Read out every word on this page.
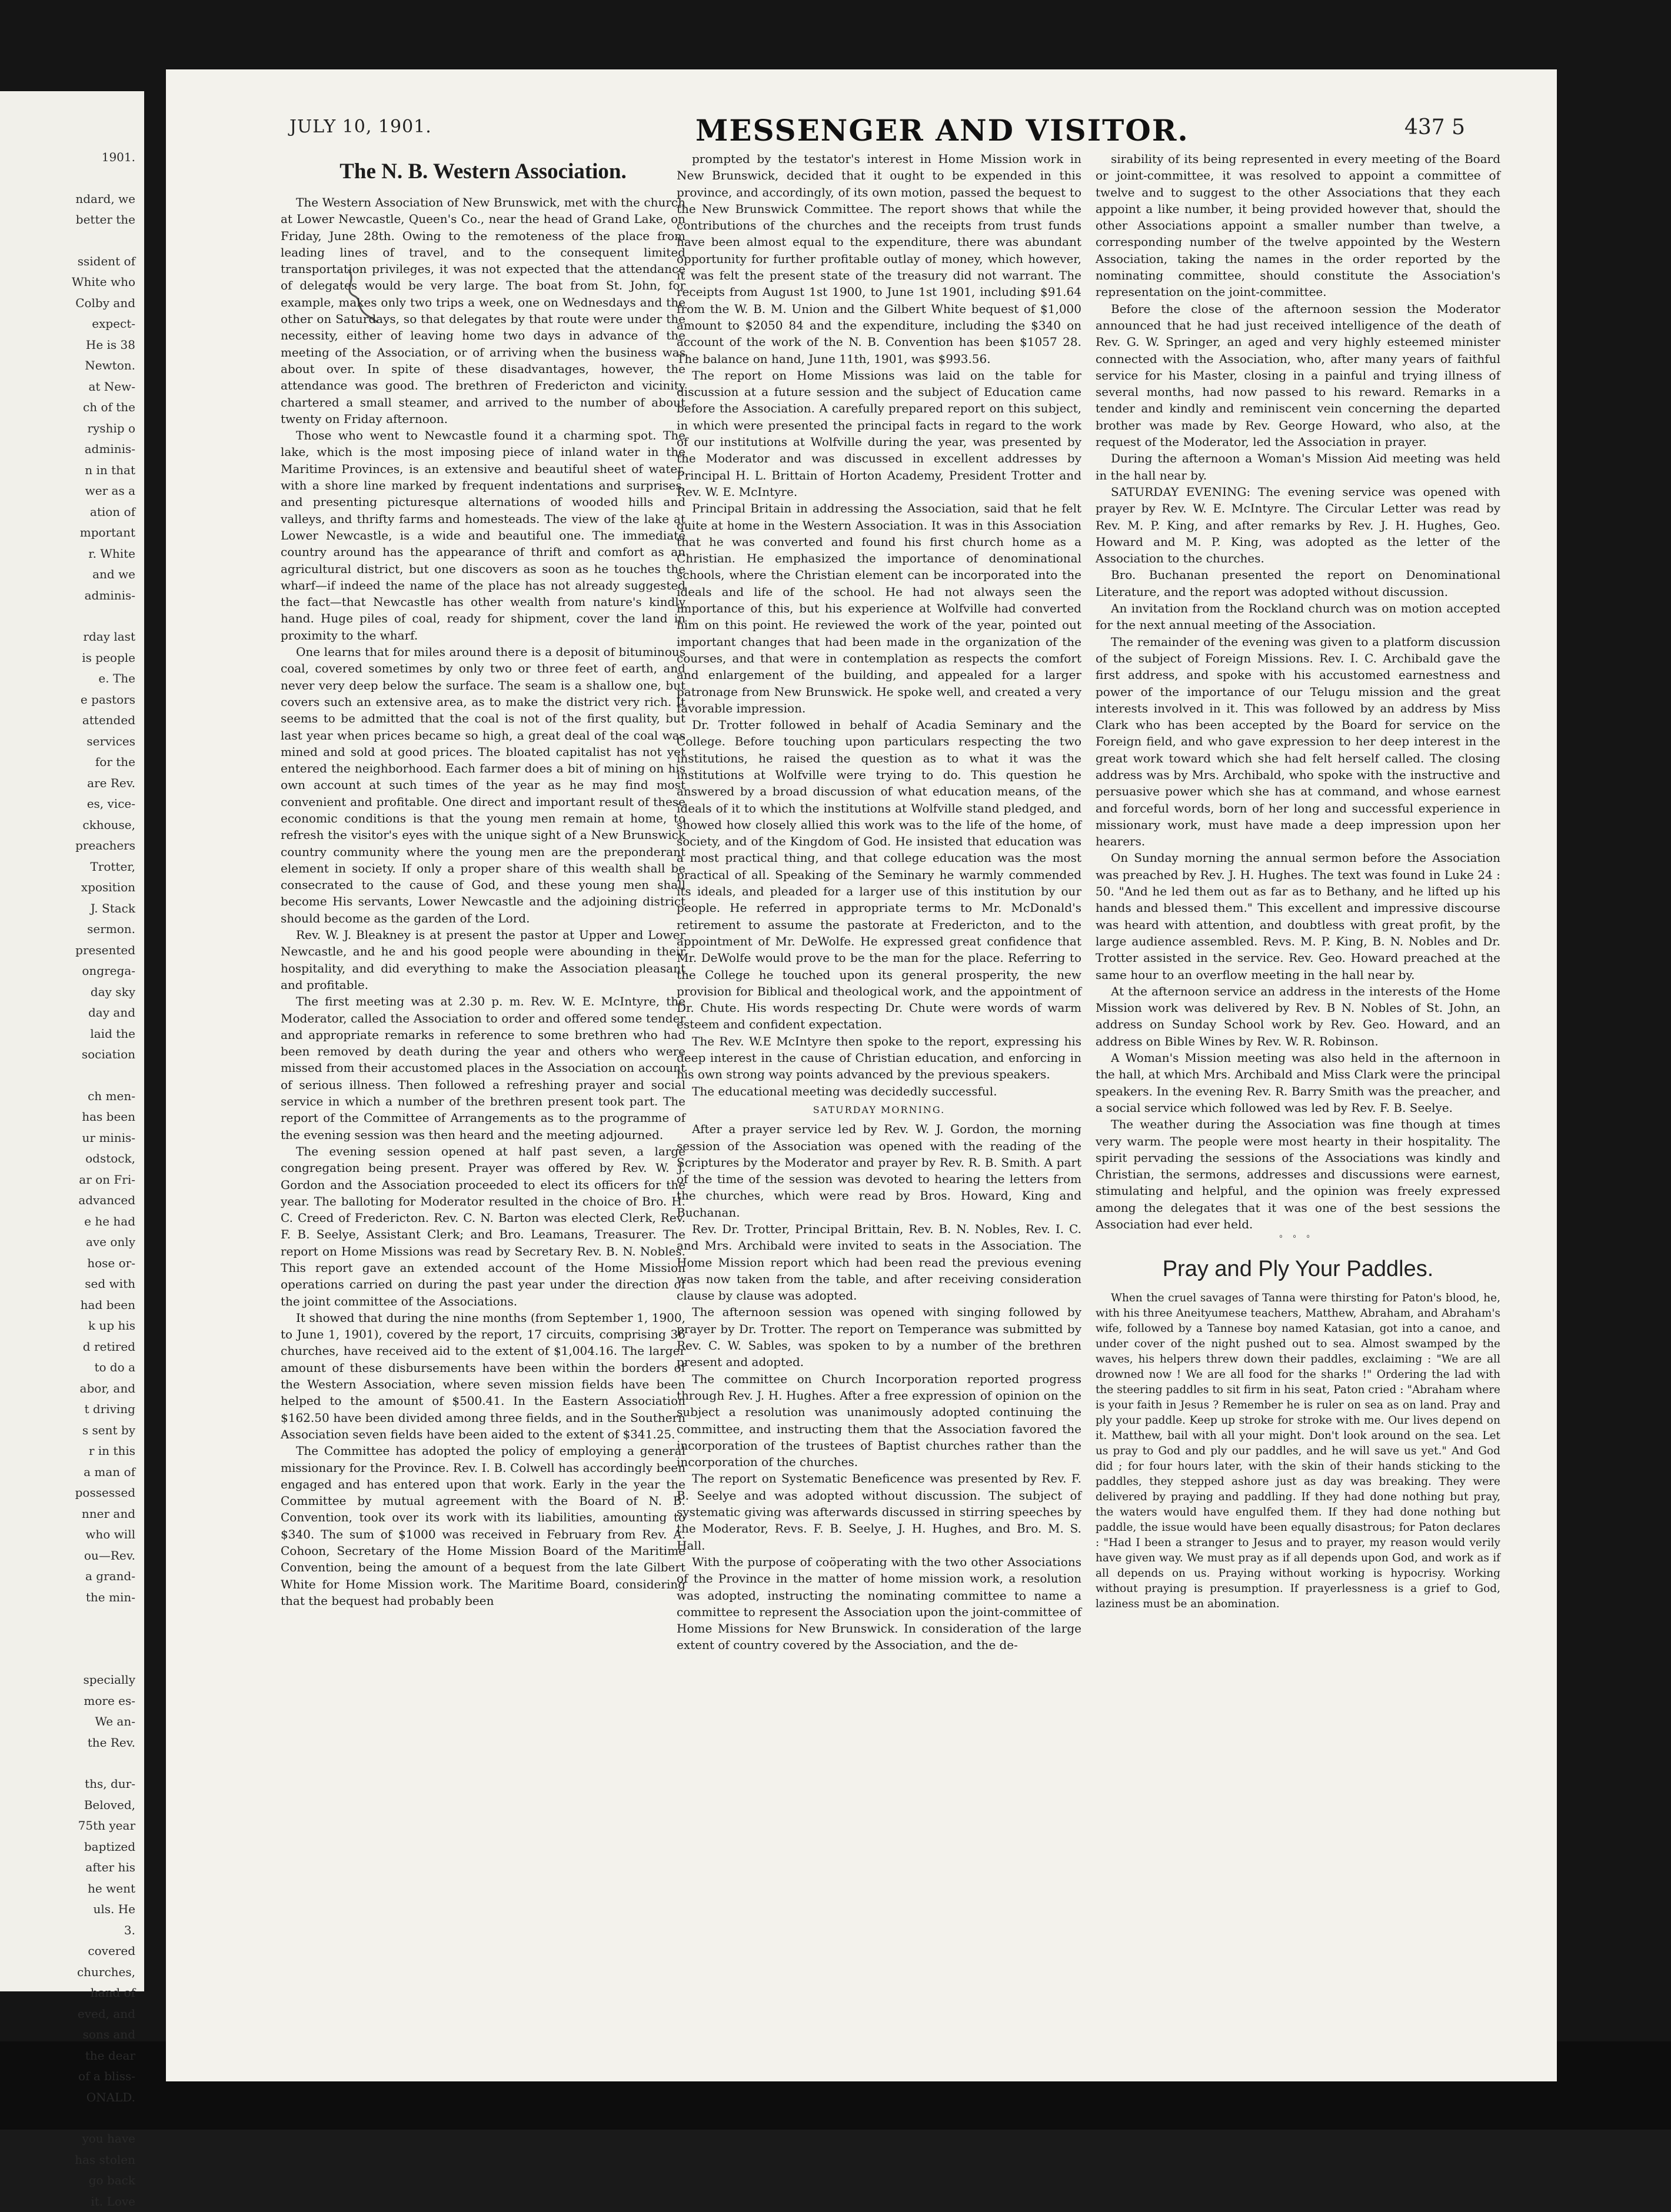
1901.
ndard, we
better the
ssident of
White who
Colby and
expect-
He is 38
Newton.
at New-
ch of the
ryship o
adminis-
n in that
wer as a
ation of
mportant
r. White
and we
adminis-
rday last
is people
e. The
e pastors
attended
services
for the
are Rev.
es, vice-
ckhouse,
preachers
Trotter,
xposition
J. Stack
sermon.
presented
ongrega-
day sky
day and
laid the
sociation
ch men-
has been
ur minis-
odstock,
ar on Fri-
advanced
e he had
ave only
hose or-
sed with
had been
k up his
d retired
to do a
abor, and
t driving
s sent by
r in this
a man of
possessed
nner and
who will
ou—Rev.
a grand-
the min-
specially
more es-
We an-
the Rev.
ths, dur-
Beloved,
75th year
baptized
after his
he went
uls. He
3.
covered
churches,
hand of
eved, and
sons and
the dear
of a bliss-
ONALD.
you have
has stolen
go back
it. Love
JULY 10, 1901.	MESSENGER AND VISITOR.	437 5
The N. B. Western Association.

The Western Association of New Brunswick, met with the church at Lower Newcastle, Queen's Co., near the head of Grand Lake, on Friday, June 28th. Owing to the remoteness of the place from leading lines of travel, and to the consequent limited transportation privileges, it was not expected that the attendance of delegates would be very large. The boat from St. John, for example, makes only two trips a week, one on Wednesdays and the other on Saturdays, so that delegates by that route were under the necessity, either of leaving home two days in advance of the meeting of the Association, or of arriving when the business was about over. In spite of these disadvantages, however, the attendance was good. The brethren of Fredericton and vicinity chartered a small steamer, and arrived to the number of about twenty on Friday afternoon.

Those who went to Newcastle found it a charming spot. The lake, which is the most imposing piece of inland water in the Maritime Provinces, is an extensive and beautiful sheet of water, with a shore line marked by frequent indentations and surprises, and presenting picturesque alternations of wooded hills and valleys, and thrifty farms and homesteads. The view of the lake at Lower Newcastle, is a wide and beautiful one. The immediate country around has the appearance of thrift and comfort as an agricultural district, but one discovers as soon as he touches the wharf—if indeed the name of the place has not already suggested the fact—that Newcastle has other wealth from nature's kindly hand. Huge piles of coal, ready for shipment, cover the land in proximity to the wharf.

One learns that for miles around there is a deposit of bituminous coal, covered sometimes by only two or three feet of earth, and never very deep below the surface. The seam is a shallow one, but covers such an extensive area, as to make the district very rich. It seems to be admitted that the coal is not of the first quality, but last year when prices became so high, a great deal of the coal was mined and sold at good prices. The bloated capitalist has not yet entered the neighborhood. Each farmer does a bit of mining on his own account at such times of the year as he may find most convenient and profitable. One direct and important result of these economic conditions is that the young men remain at home, to refresh the visitor's eyes with the unique sight of a New Brunswick country community where the young men are the preponderant element in society. If only a proper share of this wealth shall be consecrated to the cause of God, and these young men shall become His servants, Lower Newcastle and the adjoining district should become as the garden of the Lord.

Rev. W. J. Bleakney is at present the pastor at Upper and Lower Newcastle, and he and his good people were abounding in their hospitality, and did everything to make the Association pleasant and profitable.

The first meeting was at 2.30 p. m. Rev. W. E. McIntyre, the Moderator, called the Association to order and offered some tender and appropriate remarks in reference to some brethren who had been removed by death during the year and others who were missed from their accustomed places in the Association on account of serious illness. Then followed a refreshing prayer and social service in which a number of the brethren present took part. The report of the Committee of Arrangements as to the programme of the evening session was then heard and the meeting adjourned.

The evening session opened at half past seven, a large congregation being present. Prayer was offered by Rev. W. J. Gordon and the Association proceeded to elect its officers for the year. The balloting for Moderator resulted in the choice of Bro. H. C. Creed of Fredericton. Rev. C. N. Barton was elected Clerk, Rev. F. B. Seelye, Assistant Clerk; and Bro. Leamans, Treasurer. The report on Home Missions was read by Secretary Rev. B. N. Nobles. This report gave an extended account of the Home Mission operations carried on during the past year under the direction of the joint committee of the Associations.

It showed that during the nine months (from September 1, 1900, to June 1, 1901), covered by the report, 17 circuits, comprising 36 churches, have received aid to the extent of $1,004.16. The larger amount of these disbursements have been within the borders of the Western Association, where seven mission fields have been helped to the amount of $500.41. In the Eastern Association $162.50 have been divided among three fields, and in the Southern Association seven fields have been aided to the extent of $341.25.

The Committee has adopted the policy of employing a general missionary for the Province. Rev. I. B. Colwell has accordingly been engaged and has entered upon that work. Early in the year the Committee by mutual agreement with the Board of N. B. Convention, took over its work with its liabilities, amounting to $340. The sum of $1000 was received in February from Rev. A. Cohoon, Secretary of the Home Mission Board of the Maritime Convention, being the amount of a bequest from the late Gilbert White for Home Mission work. The Maritime Board, considering that the bequest had probably been

prompted by the testator's interest in Home Mission work in New Brunswick, decided that it ought to be expended in this province, and accordingly, of its own motion, passed the bequest to the New Brunswick Committee. The report shows that while the contributions of the churches and the receipts from trust funds have been almost equal to the expenditure, there was abundant opportunity for further profitable outlay of money, which however, it was felt the present state of the treasury did not warrant. The receipts from August 1st 1900, to June 1st 1901, including $91.64 from the W. B. M. Union and the Gilbert White bequest of $1,000 amount to $2050 84 and the expenditure, including the $340 on account of the work of the N. B. Convention has been $1057 28. The balance on hand, June 11th, 1901, was $993.56.

The report on Home Missions was laid on the table for discussion at a future session and the subject of Education came before the Association. A carefully prepared report on this subject, in which were presented the principal facts in regard to the work of our institutions at Wolfville during the year, was presented by the Moderator and was discussed in excellent addresses by Principal H. L. Brittain of Horton Academy, President Trotter and Rev. W. E. McIntyre.

Principal Britain in addressing the Association, said that he felt quite at home in the Western Association. It was in this Association that he was converted and found his first church home as a Christian. He emphasized the importance of denominational schools, where the Christian element can be incorporated into the ideals and life of the school. He had not always seen the importance of this, but his experience at Wolfville had converted him on this point. He reviewed the work of the year, pointed out important changes that had been made in the organization of the courses, and that were in contemplation as respects the comfort and enlargement of the building, and appealed for a larger patronage from New Brunswick. He spoke well, and created a very favorable impression.

Dr. Trotter followed in behalf of Acadia Seminary and the College. Before touching upon particulars respecting the two institutions, he raised the question as to what it was the institutions at Wolfville were trying to do. This question he answered by a broad discussion of what education means, of the ideals of it to which the institutions at Wolfville stand pledged, and showed how closely allied this work was to the life of the home, of society, and of the Kingdom of God. He insisted that education was a most practical thing, and that college education was the most practical of all. Speaking of the Seminary he warmly commended its ideals, and pleaded for a larger use of this institution by our people. He referred in appropriate terms to Mr. McDonald's retirement to assume the pastorate at Fredericton, and to the appointment of Mr. DeWolfe. He expressed great confidence that Mr. DeWolfe would prove to be the man for the place. Referring to the College he touched upon its general prosperity, the new provision for Biblical and theological work, and the appointment of Dr. Chute. His words respecting Dr. Chute were words of warm esteem and confident expectation.

The Rev. W.E McIntyre then spoke to the report, expressing his deep interest in the cause of Christian education, and enforcing in his own strong way points advanced by the previous speakers.

The educational meeting was decidedly successful.

SATURDAY MORNING.

After a prayer service led by Rev. W. J. Gordon, the morning session of the Association was opened with the reading of the Scriptures by the Moderator and prayer by Rev. R. B. Smith. A part of the time of the session was devoted to hearing the letters from the churches, which were read by Bros. Howard, King and Buchanan.

Rev. Dr. Trotter, Principal Brittain, Rev. B. N. Nobles, Rev. I. C. and Mrs. Archibald were invited to seats in the Association. The Home Mission report which had been read the previous evening was now taken from the table, and after receiving consideration clause by clause was adopted.

The afternoon session was opened with singing followed by prayer by Dr. Trotter. The report on Temperance was submitted by Rev. C. W. Sables, was spoken to by a number of the brethren present and adopted.

The committee on Church Incorporation reported progress through Rev. J. H. Hughes. After a free expression of opinion on the subject a resolution was unanimously adopted continuing the committee, and instructing them that the Association favored the incorporation of the trustees of Baptist churches rather than the incorporation of the churches.

The report on Systematic Beneficence was presented by Rev. F. B. Seelye and was adopted without discussion. The subject of systematic giving was afterwards discussed in stirring speeches by the Moderator, Revs. F. B. Seelye, J. H. Hughes, and Bro. M. S. Hall.

With the purpose of coöperating with the two other Associations of the Province in the matter of home mission work, a resolution was adopted, instructing the nominating committee to name a committee to represent the Association upon the joint-committee of Home Missions for New Brunswick. In consideration of the large extent of country covered by the Association, and the de-

sirability of its being represented in every meeting of the Board or joint-committee, it was resolved to appoint a committee of twelve and to suggest to the other Associations that they each appoint a like number, it being provided however that, should the other Associations appoint a smaller number than twelve, a corresponding number of the twelve appointed by the Western Association, taking the names in the order reported by the nominating committee, should constitute the Association's representation on the joint-committee.

Before the close of the afternoon session the Moderator announced that he had just received intelligence of the death of Rev. G. W. Springer, an aged and very highly esteemed minister connected with the Association, who, after many years of faithful service for his Master, closing in a painful and trying illness of several months, had now passed to his reward. Remarks in a tender and kindly and reminiscent vein concerning the departed brother was made by Rev. George Howard, who also, at the request of the Moderator, led the Association in prayer.

During the afternoon a Woman's Mission Aid meeting was held in the hall near by.

SATURDAY EVENING: The evening service was opened with prayer by Rev. W. E. McIntyre. The Circular Letter was read by Rev. M. P. King, and after remarks by Rev. J. H. Hughes, Geo. Howard and M. P. King, was adopted as the letter of the Association to the churches.

Bro. Buchanan presented the report on Denominational Literature, and the report was adopted without discussion.

An invitation from the Rockland church was on motion accepted for the next annual meeting of the Association.

The remainder of the evening was given to a platform discussion of the subject of Foreign Missions. Rev. I. C. Archibald gave the first address, and spoke with his accustomed earnestness and power of the importance of our Telugu mission and the great interests involved in it. This was followed by an address by Miss Clark who has been accepted by the Board for service on the Foreign field, and who gave expression to her deep interest in the great work toward which she had felt herself called. The closing address was by Mrs. Archibald, who spoke with the instructive and persuasive power which she has at command, and whose earnest and forceful words, born of her long and successful experience in missionary work, must have made a deep impression upon her hearers.

On Sunday morning the annual sermon before the Association was preached by Rev. J. H. Hughes. The text was found in Luke 24 : 50. "And he led them out as far as to Bethany, and he lifted up his hands and blessed them." This excellent and impressive discourse was heard with attention, and doubtless with great profit, by the large audience assembled. Revs. M. P. King, B. N. Nobles and Dr. Trotter assisted in the service. Rev. Geo. Howard preached at the same hour to an overflow meeting in the hall near by.

At the afternoon service an address in the interests of the Home Mission work was delivered by Rev. B N. Nobles of St. John, an address on Sunday School work by Rev. Geo. Howard, and an address on Bible Wines by Rev. W. R. Robinson.

A Woman's Mission meeting was also held in the afternoon in the hall, at which Mrs. Archibald and Miss Clark were the principal speakers. In the evening Rev. R. Barry Smith was the preacher, and a social service which followed was led by Rev. F. B. Seelye.

The weather during the Association was fine though at times very warm. The people were most hearty in their hospitality. The spirit pervading the sessions of the Associations was kindly and Christian, the sermons, addresses and discussions were earnest, stimulating and helpful, and the opinion was freely expressed among the delegates that it was one of the best sessions the Association had ever held.

ﾟ ﾟ ﾟ

Pray and Ply Your Paddles.

When the cruel savages of Tanna were thirsting for Paton's blood, he, with his three Aneityumese teachers, Matthew, Abraham, and Abraham's wife, followed by a Tannese boy named Katasian, got into a canoe, and under cover of the night pushed out to sea. Almost swamped by the waves, his helpers threw down their paddles, exclaiming : "We are all drowned now ! We are all food for the sharks !" Ordering the lad with the steering paddles to sit firm in his seat, Paton cried : "Abraham where is your faith in Jesus ? Remember he is ruler on sea as on land. Pray and ply your paddle. Keep up stroke for stroke with me. Our lives depend on it. Matthew, bail with all your might. Don't look around on the sea. Let us pray to God and ply our paddles, and he will save us yet." And God did ; for four hours later, with the skin of their hands sticking to the paddles, they stepped ashore just as day was breaking. They were delivered by praying and paddling. If they had done nothing but pray, the waters would have engulfed them. If they had done nothing but paddle, the issue would have been equally disastrous; for Paton declares : "Had I been a stranger to Jesus and to prayer, my reason would verily have given way. We must pray as if all depends upon God, and work as if all depends on us. Praying without working is hypocrisy. Working without praying is presumption. If prayerlessness is a grief to God, laziness must be an abomination.
